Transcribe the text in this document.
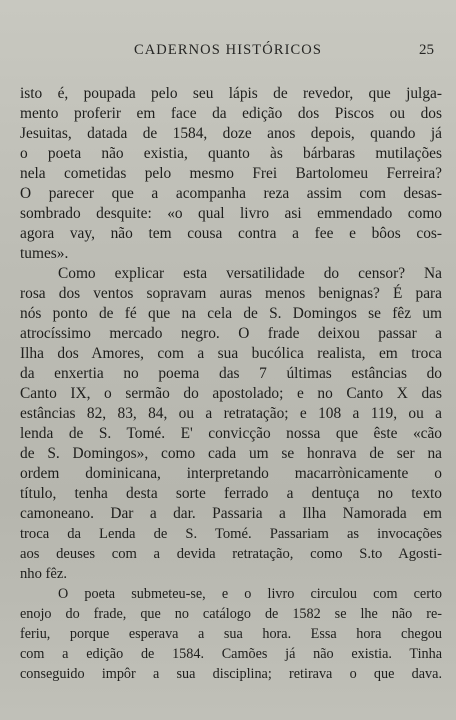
CADERNOS HISTÓRICOS	25
isto é, poupada pelo seu lápis de revedor, que julga-
mento proferir em face da edição dos Piscos ou dos
Jesuitas, datada de 1584, doze anos depois, quando já
o poeta não existia, quanto às bárbaras mutilações
nela cometidas pelo mesmo Frei Bartolomeu Ferreira?
O parecer que a acompanha reza assim com desas-
sombrado desquite: «o qual livro asi emmendado como
agora vay, não tem cousa contra a fee e bôos cos-
tumes».
Como explicar esta versatilidade do censor? Na
rosa dos ventos sopravam auras menos benignas? É para
nós ponto de fé que na cela de S. Domingos se fêz um
atrocíssimo mercado negro. O frade deixou passar a
Ilha dos Amores, com a sua bucólica realista, em troca
da enxertia no poema das 7 últimas estâncias do
Canto IX, o sermão do apostolado; e no Canto X das
estâncias 82, 83, 84, ou a retratação; e 108 a 119, ou a
lenda de S. Tomé. E' convicção nossa que êste «cão
de S. Domingos», como cada um se honrava de ser na
ordem dominicana, interpretando macarrònicamente o
título, tenha desta sorte ferrado a dentuça no texto
camoneano. Dar a dar. Passaria a Ilha Namorada em
troca da Lenda de S. Tomé. Passariam as invocações
aos deuses com a devida retratação, como S.to Agosti-
nho fêz.
O poeta submeteu-se, e o livro circulou com certo
enojo do frade, que no catálogo de 1582 se lhe não re-
feriu, porque esperava a sua hora. Essa hora chegou
com a edição de 1584. Camões já não existia. Tinha
conseguido impôr a sua disciplina; retirava o que dava.
